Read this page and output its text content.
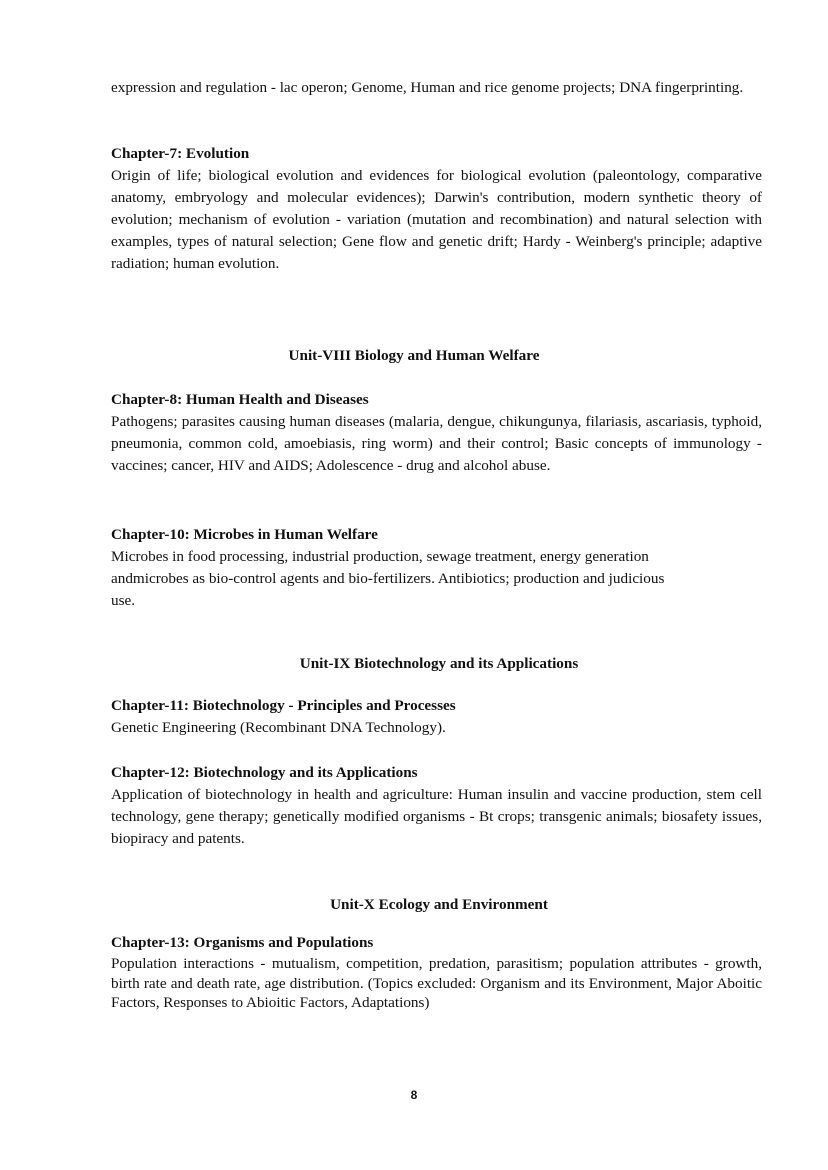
expression and regulation - lac operon; Genome, Human and rice genome projects; DNA fingerprinting.

Chapter-7: Evolution

Origin of life; biological evolution and evidences for biological evolution (paleontology, comparative anatomy, embryology and molecular evidences); Darwin's contribution, modern synthetic theory of evolution; mechanism of evolution - variation (mutation and recombination) and natural selection with examples, types of natural selection; Gene flow and genetic drift; Hardy - Weinberg's principle; adaptive radiation; human evolution.

Unit-VIII Biology and Human Welfare

Chapter-8: Human Health and Diseases

Pathogens; parasites causing human diseases (malaria, dengue, chikungunya, filariasis, ascariasis, typhoid, pneumonia, common cold, amoebiasis, ring worm) and their control; Basic concepts of immunology - vaccines; cancer, HIV and AIDS; Adolescence - drug and alcohol abuse.

Chapter-10: Microbes in Human Welfare

Microbes in food processing, industrial production, sewage treatment, energy generation
andmicrobes as bio-control agents and bio-fertilizers. Antibiotics; production and judicious
use.

Unit-IX Biotechnology and its Applications

Chapter-11: Biotechnology - Principles and Processes

Genetic Engineering (Recombinant DNA Technology).

Chapter-12: Biotechnology and its Applications

Application of biotechnology in health and agriculture: Human insulin and vaccine production, stem cell technology, gene therapy; genetically modified organisms - Bt crops; transgenic animals; biosafety issues, biopiracy and patents.

Unit-X Ecology and Environment

Chapter-13: Organisms and Populations

Population interactions - mutualism, competition, predation, parasitism; population attributes - growth, birth rate and death rate, age distribution. (Topics excluded: Organism and its Environment, Major Aboitic Factors, Responses to Abioitic Factors, Adaptations)

8
